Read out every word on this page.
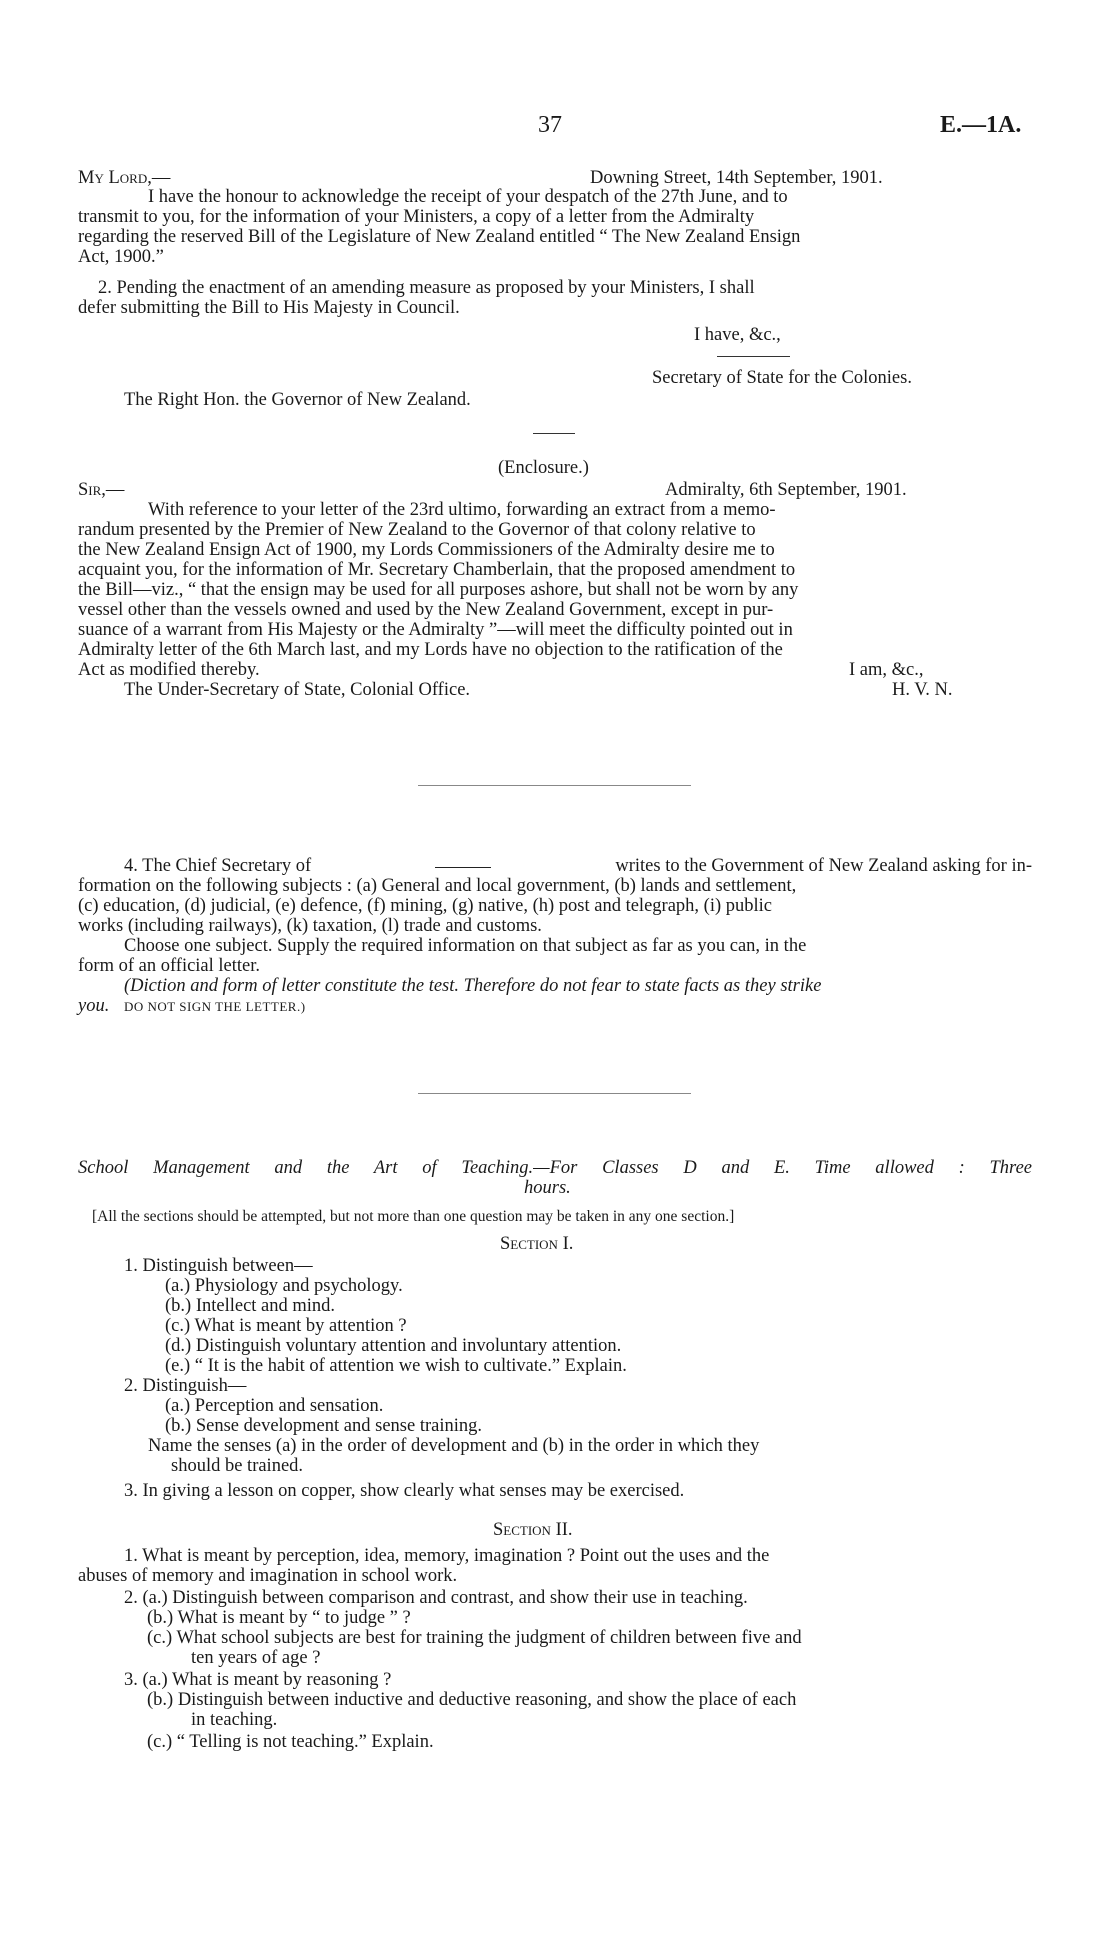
37	E.—1A.
My Lord,—	Downing Street, 14th September, 1901.
I have the honour to acknowledge the receipt of your despatch of the 27th June, and to
transmit to you, for the information of your Ministers, a copy of a letter from the Admiralty
regarding the reserved Bill of the Legislature of New Zealand entitled “ The New Zealand Ensign
Act, 1900.”
2. Pending the enactment of an amending measure as proposed by your Ministers, I shall
defer submitting the Bill to His Majesty in Council.
I have, &c.,
Secretary of State for the Colonies.
The Right Hon. the Governor of New Zealand.
(Enclosure.)
Sir,—	Admiralty, 6th September, 1901.
With reference to your letter of the 23rd ultimo, forwarding an extract from a memo-
randum presented by the Premier of New Zealand to the Governor of that colony relative to
the New Zealand Ensign Act of 1900, my Lords Commissioners of the Admiralty desire me to
acquaint you, for the information of Mr. Secretary Chamberlain, that the proposed amendment to
the Bill—viz., “ that the ensign may be used for all purposes ashore, but shall not be worn by any
vessel other than the vessels owned and used by the New Zealand Government, except in pur-
suance of a warrant from His Majesty or the Admiralty ”—will meet the difficulty pointed out in
Admiralty letter of the 6th March last, and my Lords have no objection to the ratification of the
Act as modified thereby.	I am, &c.,
The Under-Secretary of State, Colonial Office.	H. V. N.
4. The Chief Secretary of	writes to the Government of New Zealand asking for in-
formation on the following subjects : (a) General and local government, (b) lands and settlement,
(c) education, (d) judicial, (e) defence, (f) mining, (g) native, (h) post and telegraph, (i) public
works (including railways), (k) taxation, (l) trade and customs.
Choose one subject. Supply the required information on that subject as far as you can, in the
form of an official letter.
(Diction and form of letter constitute the test. Therefore do not fear to state facts as they strike
you. DO NOT SIGN THE LETTER.)
School Management and the Art of Teaching.—For Classes D and E. Time allowed : Three
hours.
[All the sections should be attempted, but not more than one question may be taken in any one section.]
Section I.
1. Distinguish between—
(a.) Physiology and psychology.
(b.) Intellect and mind.
(c.) What is meant by attention ?
(d.) Distinguish voluntary attention and involuntary attention.
(e.) “ It is the habit of attention we wish to cultivate.” Explain.
2. Distinguish—
(a.) Perception and sensation.
(b.) Sense development and sense training.
Name the senses (a) in the order of development and (b) in the order in which they
should be trained.
3. In giving a lesson on copper, show clearly what senses may be exercised.
Section II.
1. What is meant by perception, idea, memory, imagination ? Point out the uses and the
abuses of memory and imagination in school work.
2. (a.) Distinguish between comparison and contrast, and show their use in teaching.
(b.) What is meant by “ to judge ” ?
(c.) What school subjects are best for training the judgment of children between five and
ten years of age ?
3. (a.) What is meant by reasoning ?
(b.) Distinguish between inductive and deductive reasoning, and show the place of each
in teaching.
(c.) “ Telling is not teaching.” Explain.
